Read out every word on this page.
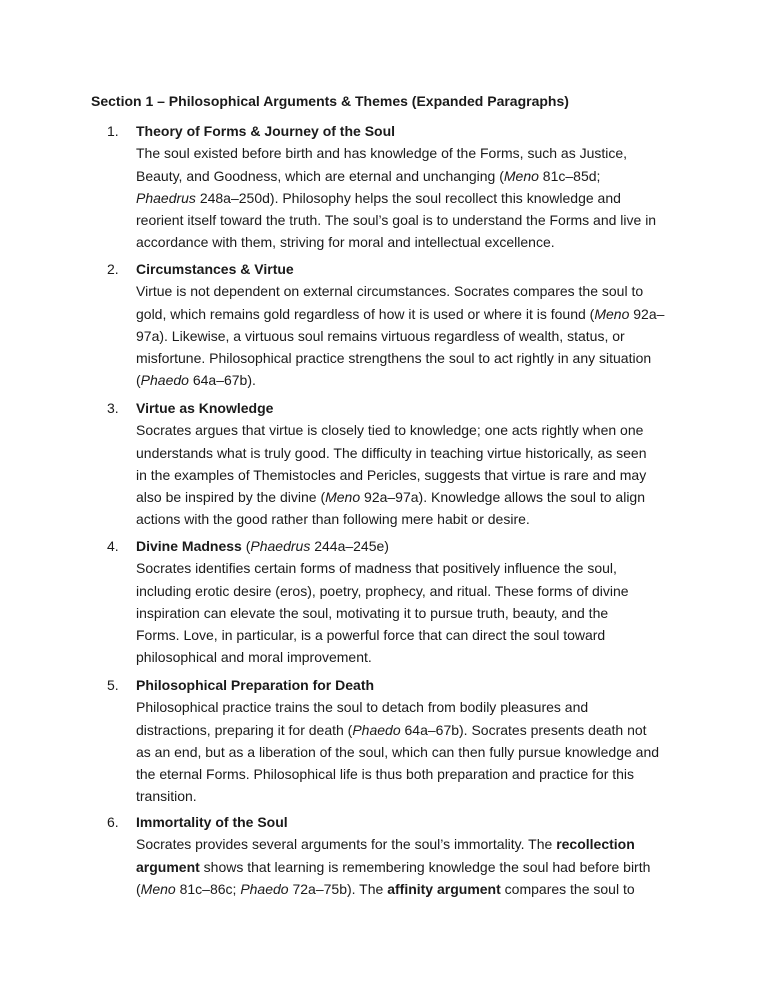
Section 1 – Philosophical Arguments & Themes (Expanded Paragraphs)
1. Theory of Forms & Journey of the Soul

The soul existed before birth and has knowledge of the Forms, such as Justice,
Beauty, and Goodness, which are eternal and unchanging (Meno 81c–85d;
Phaedrus 248a–250d). Philosophy helps the soul recollect this knowledge and
reorient itself toward the truth. The soul’s goal is to understand the Forms and live in
accordance with them, striving for moral and intellectual excellence.

2. Circumstances & Virtue

Virtue is not dependent on external circumstances. Socrates compares the soul to
gold, which remains gold regardless of how it is used or where it is found (Meno 92a–
97a). Likewise, a virtuous soul remains virtuous regardless of wealth, status, or
misfortune. Philosophical practice strengthens the soul to act rightly in any situation
(Phaedo 64a–67b).

3. Virtue as Knowledge

Socrates argues that virtue is closely tied to knowledge; one acts rightly when one
understands what is truly good. The difficulty in teaching virtue historically, as seen
in the examples of Themistocles and Pericles, suggests that virtue is rare and may
also be inspired by the divine (Meno 92a–97a). Knowledge allows the soul to align
actions with the good rather than following mere habit or desire.

4. Divine Madness (Phaedrus 244a–245e)

Socrates identifies certain forms of madness that positively influence the soul,
including erotic desire (eros), poetry, prophecy, and ritual. These forms of divine
inspiration can elevate the soul, motivating it to pursue truth, beauty, and the
Forms. Love, in particular, is a powerful force that can direct the soul toward
philosophical and moral improvement.

5. Philosophical Preparation for Death

Philosophical practice trains the soul to detach from bodily pleasures and
distractions, preparing it for death (Phaedo 64a–67b). Socrates presents death not
as an end, but as a liberation of the soul, which can then fully pursue knowledge and
the eternal Forms. Philosophical life is thus both preparation and practice for this
transition.

6. Immortality of the Soul

Socrates provides several arguments for the soul’s immortality. The recollection
argument shows that learning is remembering knowledge the soul had before birth
(Meno 81c–86c; Phaedo 72a–75b). The affinity argument compares the soul to
